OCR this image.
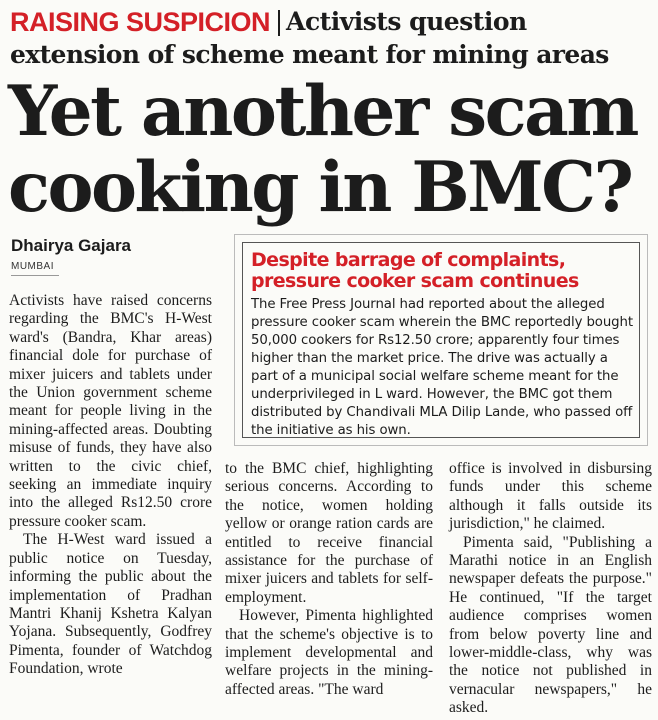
RAISING SUSPICION Activists question
extension of scheme meant for mining areas
Yet another scam
cooking in BMC?
Dhairya Gajara
MUMBAI	Despite barrage of complaints,
pressure cooker scam continues
The Free Press Journal had reported about the alleged pressure cooker scam wherein the BMC reportedly bought 50,000 cookers for Rs12.50 crore; apparently four times higher than the market price. The drive was actually a part of a municipal social welfare scheme meant for the underprivileged in L ward. However, the BMC got them distributed by Chandivali MLA Dilip Lande, who passed off the initiative as his own.

Activists have raised concerns regarding the BMC's H-West ward's (Bandra, Khar areas) financial dole for purchase of mixer juicers and tablets under the Union government scheme meant for people living in the mining-affected areas. Doubting misuse of funds, they have also written to the civic chief, seeking an immediate inquiry into the alleged Rs12.50 crore pressure cooker scam.

The H-West ward issued a public notice on Tuesday, informing the public about the implementation of Pradhan Mantri Khanij Kshetra Kalyan Yojana. Subsequently, Godfrey Pimenta, founder of Watchdog Foundation, wrote

to the BMC chief, highlighting serious concerns. According to the notice, women holding yellow or orange ration cards are entitled to receive financial assistance for the purchase of mixer juicers and tablets for self-employment.

However, Pimenta highlighted that the scheme's objective is to implement developmental and welfare projects in the mining-affected areas. "The ward

office is involved in disbursing funds under this scheme although it falls outside its jurisdiction," he claimed.

Pimenta said, "Publishing a Marathi notice in an English newspaper defeats the purpose." He continued, "If the target audience comprises women from below poverty line and lower-middle-class, why was the notice not published in vernacular newspapers," he asked.
